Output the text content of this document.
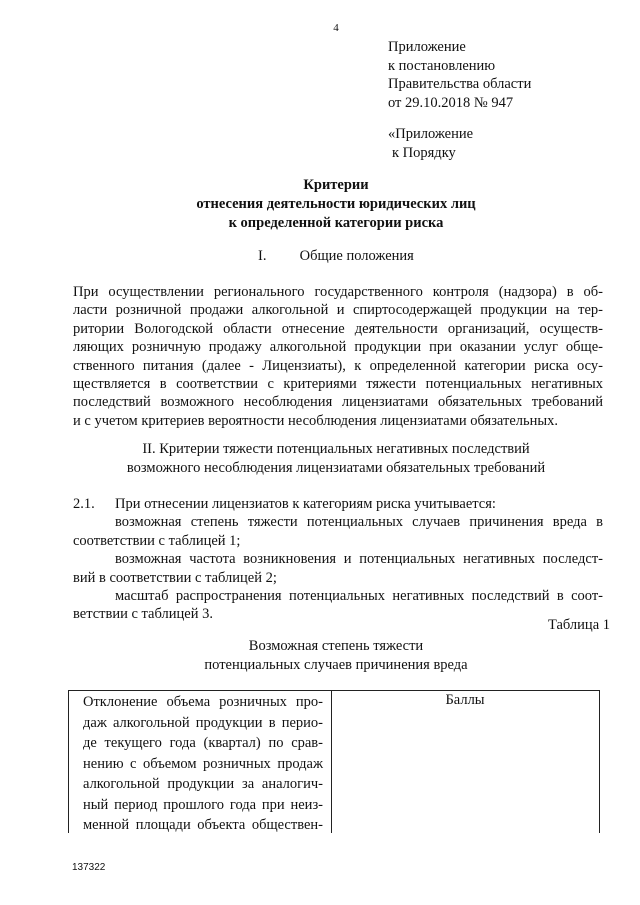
4
Приложение
к постановлению
Правительства области
от 29.10.2018 № 947
«Приложение
к Порядку
Критерии
отнесения деятельности юридических лиц
к определенной категории риска
I. Общие положения
При осуществлении регионального государственного контроля (надзора) в об-
ласти розничной продажи алкогольной и спиртосодержащей продукции на тер-
ритории Вологодской области отнесение деятельности организаций, осуществ-
ляющих розничную продажу алкогольной продукции при оказании услуг обще-
ственного питания (далее - Лицензиаты), к определенной категории риска осу-
ществляется в соответствии с критериями тяжести потенциальных негативных
последствий возможного несоблюдения лицензиатами обязательных требований
и с учетом критериев вероятности несоблюдения лицензиатами обязательных.
II. Критерии тяжести потенциальных негативных последствий
возможного несоблюдения лицензиатами обязательных требований
2.1. При отнесении лицензиатов к категориям риска учитывается:
возможная степень тяжести потенциальных случаев причинения вреда в
соответствии с таблицей 1;
возможная частота возникновения и потенциальных негативных последст-
вий в соответствии с таблицей 2;
масштаб распространения потенциальных негативных последствий в соот-
ветствии с таблицей 3.
Таблица 1
Возможная степень тяжести
потенциальных случаев причинения вреда
Отклонение объема розничных про-
даж алкогольной продукции в перио-
де текущего года (квартал) по срав-
нению с объемом розничных продаж
алкогольной продукции за аналогич-
ный период прошлого года при неиз-
менной площади объекта обществен-
Баллы
137322
